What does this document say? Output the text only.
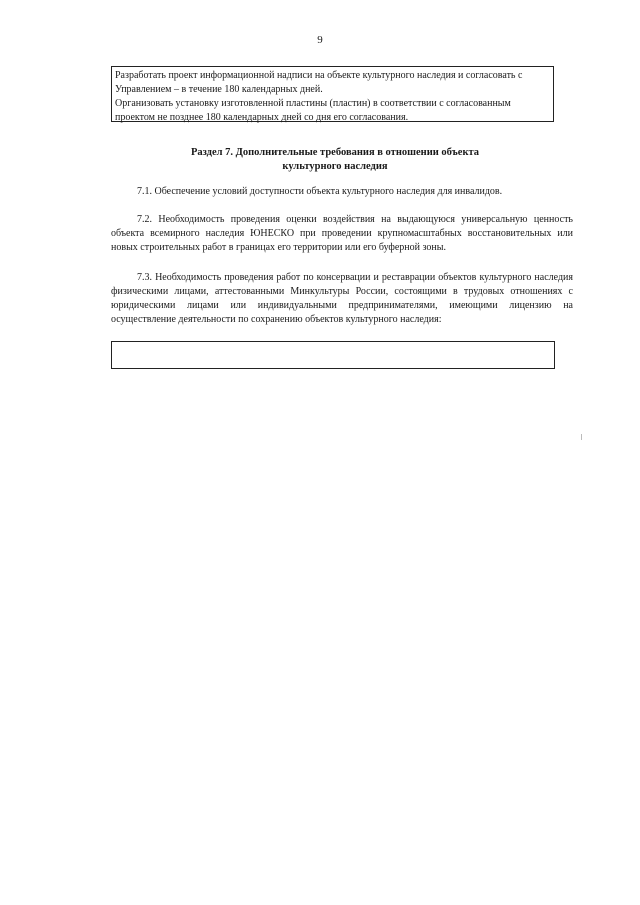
9

Разработать проект информационной надписи на объекте культурного наследия и согласовать с Управлением – в течение 180 календарных дней.

Организовать установку изготовленной пластины (пластин) в соответствии с согласованным проектом не позднее 180 календарных дней со дня его согласования.

Раздел 7. Дополнительные требования в отношении объекта
культурного наследия

7.1. Обеспечение условий доступности объекта культурного наследия для инвалидов.

7.2. Необходимость проведения оценки воздействия на выдающуюся универсальную ценность объекта всемирного наследия ЮНЕСКО при проведении крупномасштабных восстановительных или новых строительных работ в границах его территории или его буферной зоны.

7.3. Необходимость проведения работ по консервации и реставрации объектов культурного наследия физическими лицами, аттестованными Минкультуры России, состоящими в трудовых отношениях с юридическими лицами или индивидуальными предпринимателями, имеющими лицензию на осуществление деятельности по сохранению объектов культурного наследия:
